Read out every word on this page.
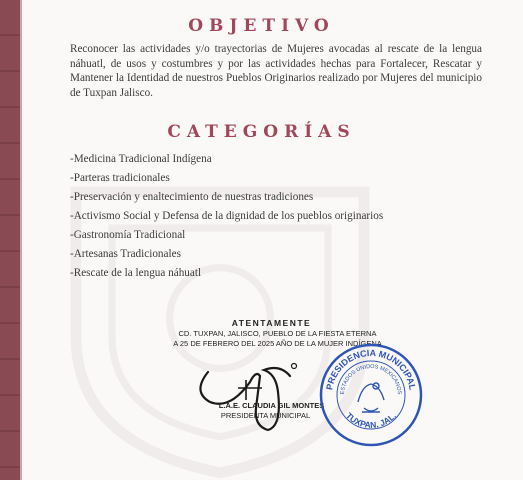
OBJETIVO

Reconocer las actividades y/o trayectorias de Mujeres avocadas al rescate de la lengua náhuatl, de usos y costumbres y por las actividades hechas para Fortalecer, Rescatar y Mantener la Identidad de nuestros Pueblos Originarios realizado por Mujeres del municipio de Tuxpan Jalisco.

CATEGORÍAS
-Medicina Tradicional Indígena
-Parteras tradicionales
-Preservación y enaltecimiento de nuestras tradiciones
-Activismo Social y Defensa de la dignidad de los pueblos originarios
-Gastronomía Tradicional
-Artesanas Tradicionales
-Rescate de la lengua náhuatl
ATENTAMENTE
CD. TUXPAN, JALISCO, PUEBLO DE LA FIESTA ETERNA
A 25 DE FEBRERO DEL 2025 AÑO DE LA MUJER INDÍGENA
L.A.E. CLAUDIA GIL MONTES
PRESIDENTA MUNICIPAL
PRESIDENCIA MUNICIPAL
ESTADOS UNIDOS MEXICANOS
TUXPAN, JAL.
